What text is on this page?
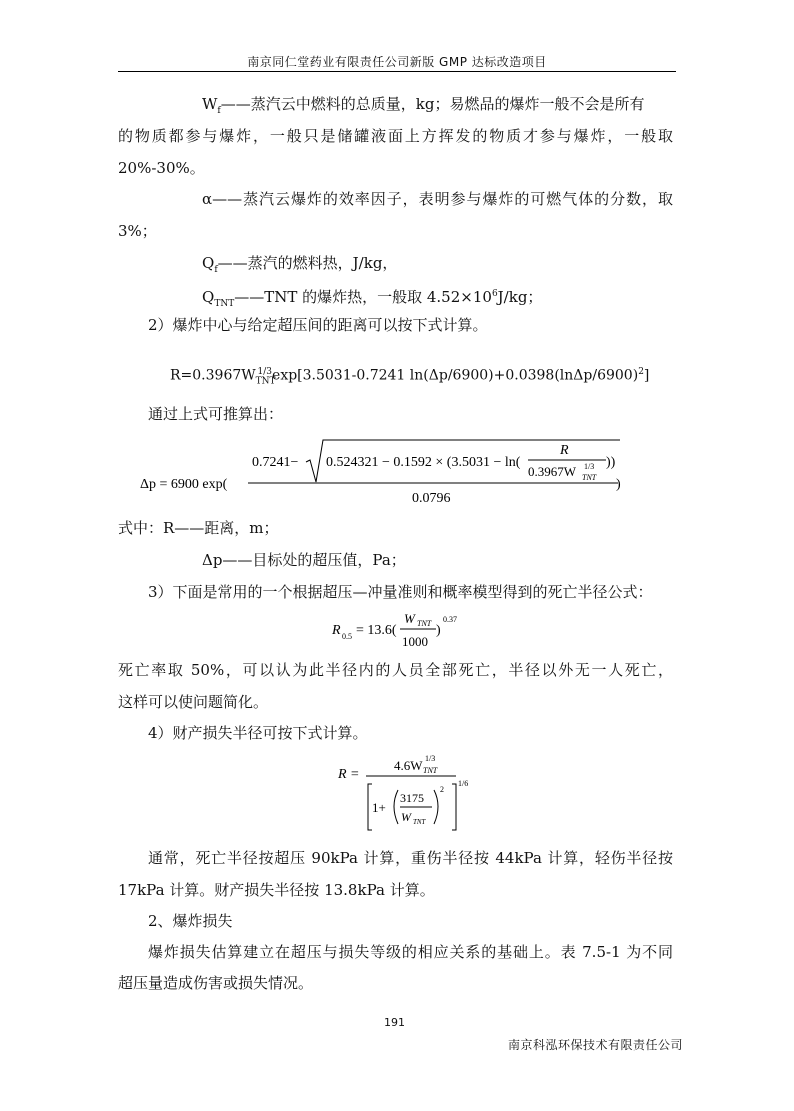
南京同仁堂药业有限责任公司新版 GMP 达标改造项目
$W_f——$蒸汽云中燃料的总质量，kg；易燃品的爆炸一般不会是所有
的物质都参与爆炸，一般只是储罐液面上方挥发的物质才参与爆炸，一般取
20%-30%。
α——蒸汽云爆炸的效率因子，表明参与爆炸的可燃气体的分数，取
3%；
$Q_f——$蒸汽的燃料热，J/kg，
$Q_{TNT}——TNT$ 的爆炸热，一般取 $4.52\times 10^6J/kg$；
2）爆炸中心与给定超压间的距离可以按下式计算。
$R=0.3967W_{TNT}^{1/3}\exp[3.5031-0.7241$ $\ln(\Delta p/6900)+0.0398(\ln\Delta p/6900)^2$]
通过上式可推算出：
Δp = 6900 exp(
0.7241− 0.524321 − 0.1592 × (3.5031 − ln(
R
0.3967W TNT
1/3 ))
0.0796
)
式中：R——距离，m；
Δp——目标处的超压值，Pa；
3）下面是常用的一个根据超压—冲量准则和概率模型得到的死亡半径公式：
R 0.5 = 13.6(
W TNT
1000
)
0.37
死亡率取 50%，可以认为此半径内的人员全部死亡，半径以外无一人死亡，
这样可以使问题简化。
4）财产损失半径可按下式计算。
R =
4.6W TNT
1/3
1+
3175
W TNT
2
1/6
通常，死亡半径按超压 90kPa 计算，重伤半径按 44kPa 计算，轻伤半径按
17kPa 计算。财产损失半径按 13.8kPa 计算。
2、爆炸损失
爆炸损失估算建立在超压与损失等级的相应关系的基础上。表 7.5-1 为不同
超压量造成伤害或损失情况。
191
南京科泓环保技术有限责任公司
